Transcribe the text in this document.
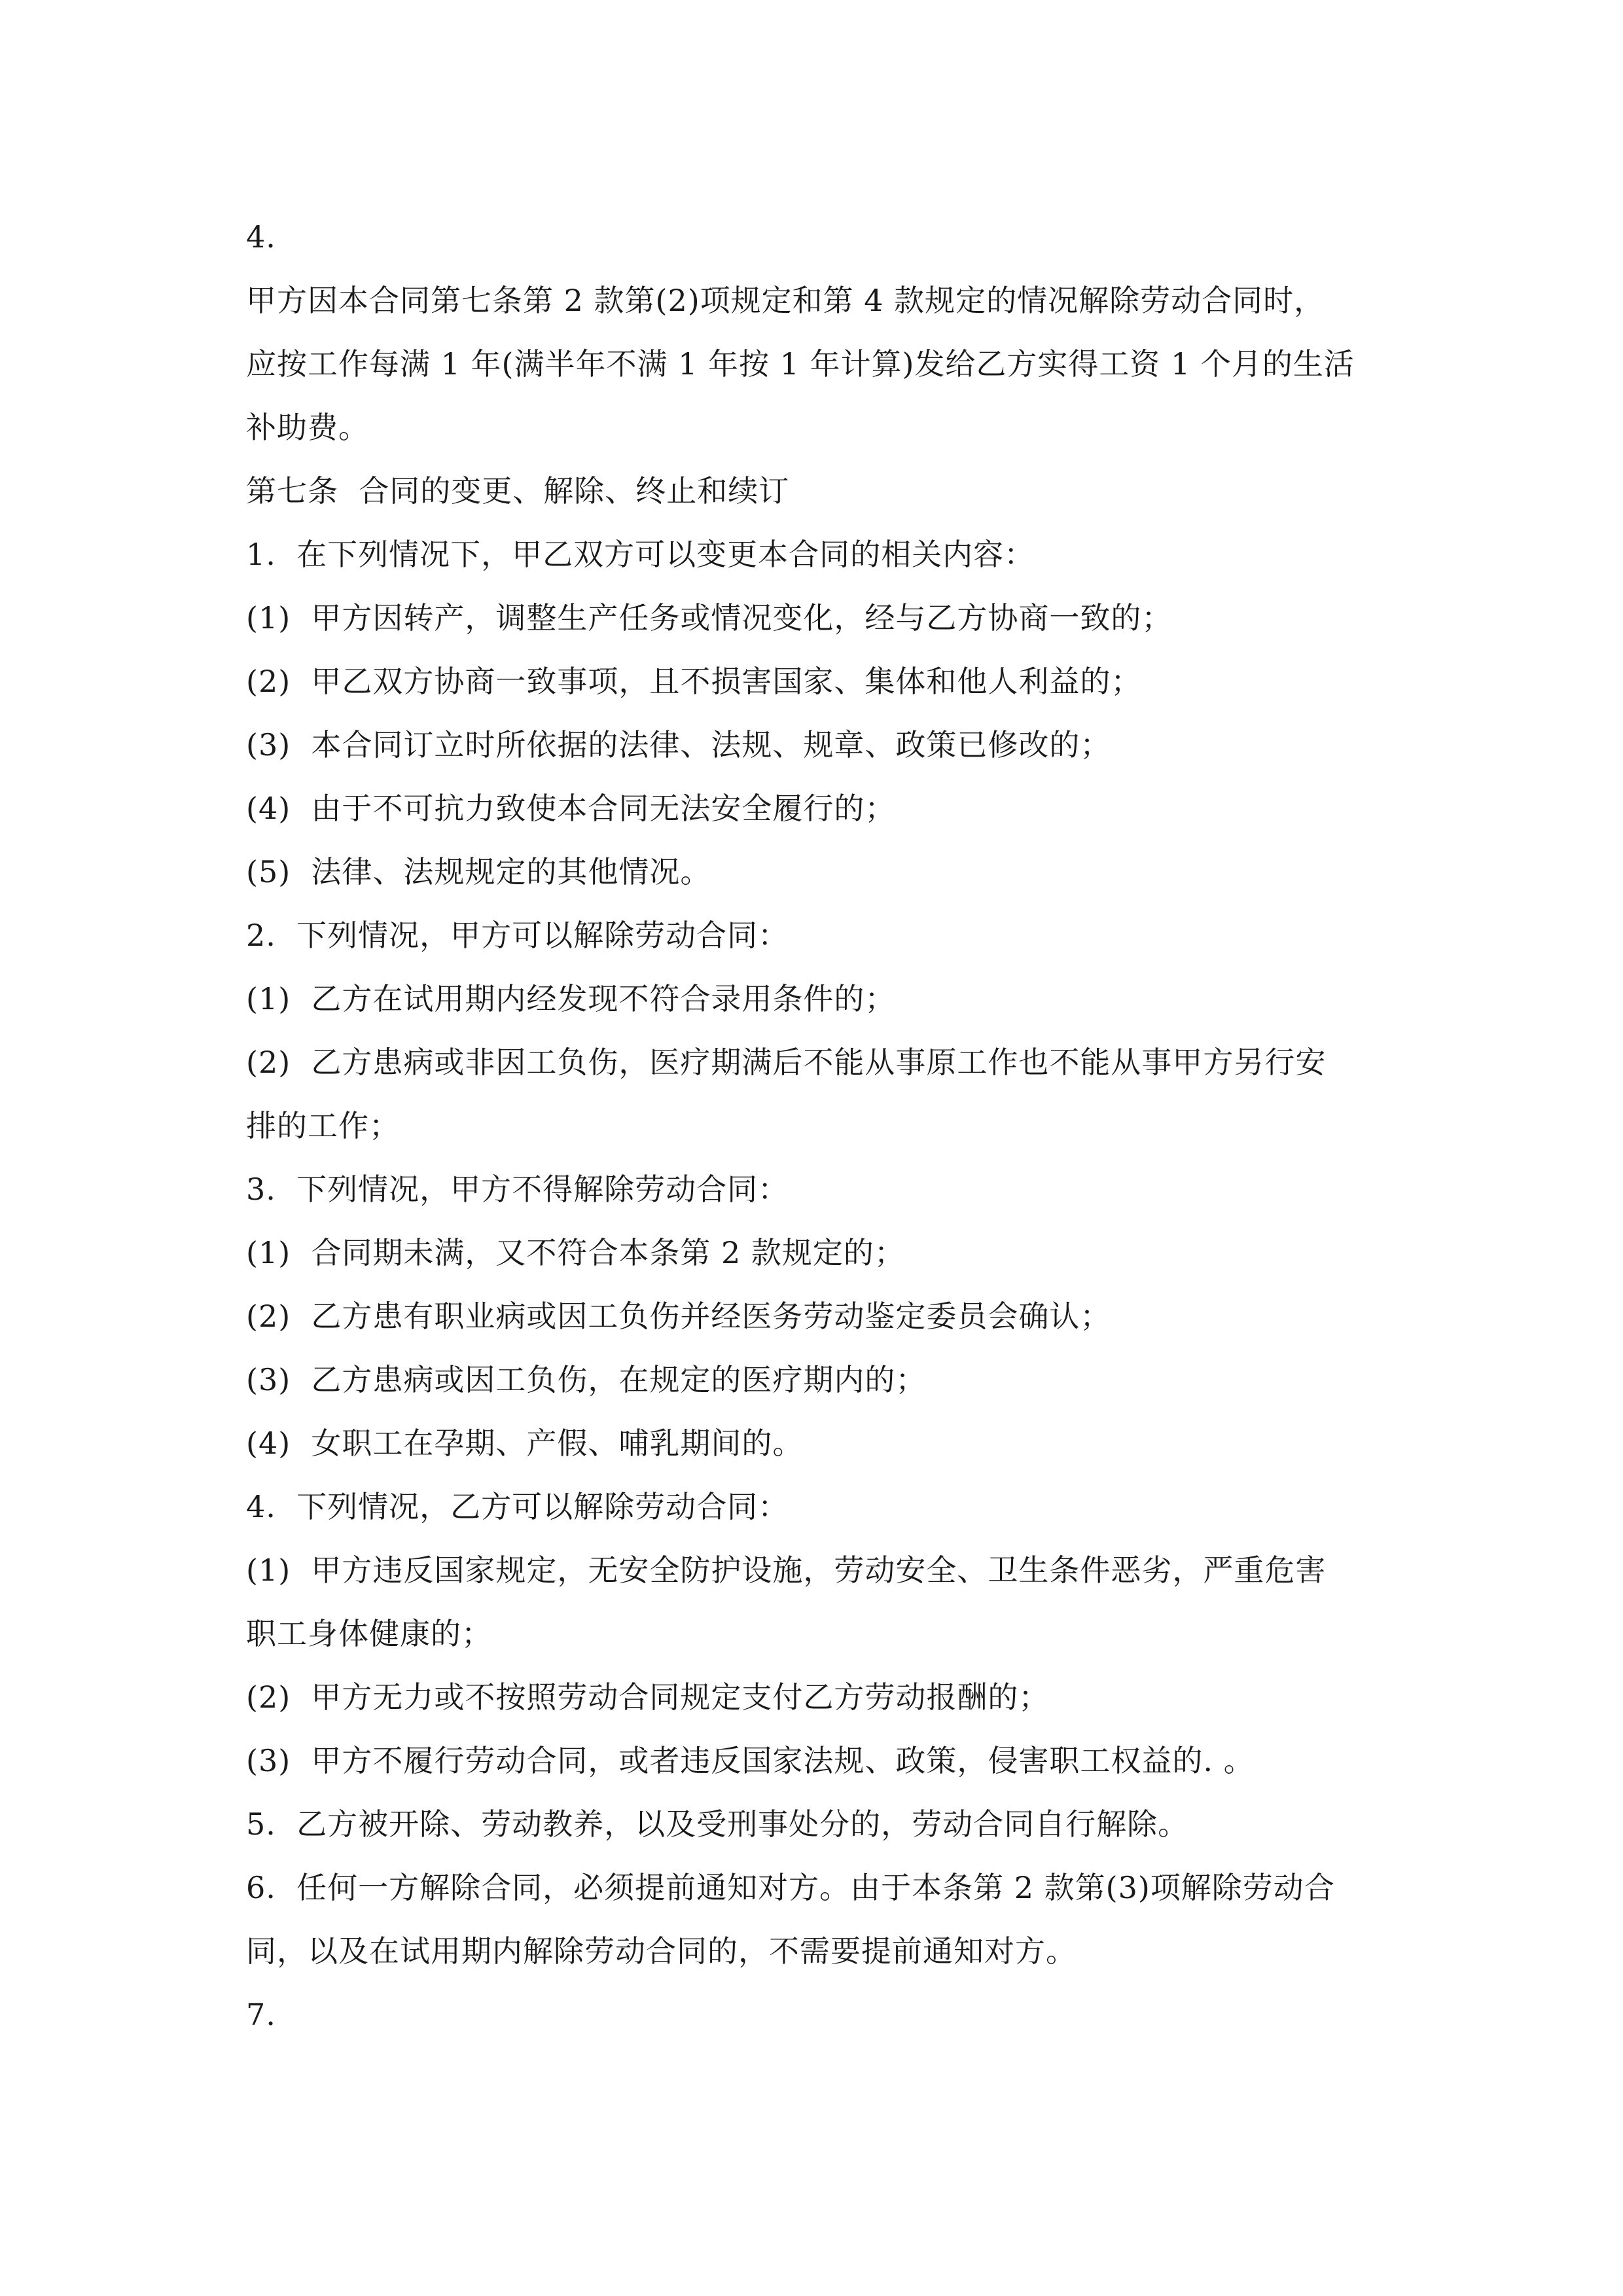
4.

甲方因本合同第七条第 2 款第(2)项规定和第 4 款规定的情况解除劳动合同时，

应按工作每满 1 年(满半年不满 1 年按 1 年计算)发给乙方实得工资 1 个月的生活

补助费。

第七条  合同的变更、解除、终止和续订

1.  在下列情况下，甲乙双方可以变更本合同的相关内容：

(1)  甲方因转产，调整生产任务或情况变化，经与乙方协商一致的；

(2)  甲乙双方协商一致事项，且不损害国家、集体和他人利益的；

(3)  本合同订立时所依据的法律、法规、规章、政策已修改的；

(4)  由于不可抗力致使本合同无法安全履行的；

(5)  法律、法规规定的其他情况。

2.  下列情况，甲方可以解除劳动合同：

(1)  乙方在试用期内经发现不符合录用条件的；

(2)  乙方患病或非因工负伤，医疗期满后不能从事原工作也不能从事甲方另行安

排的工作；

3.  下列情况，甲方不得解除劳动合同：

(1)  合同期未满，又不符合本条第 2 款规定的；

(2)  乙方患有职业病或因工负伤并经医务劳动鉴定委员会确认；

(3)  乙方患病或因工负伤，在规定的医疗期内的；

(4)  女职工在孕期、产假、哺乳期间的。

4.  下列情况，乙方可以解除劳动合同：

(1)  甲方违反国家规定，无安全防护设施，劳动安全、卫生条件恶劣，严重危害

职工身体健康的；

(2)  甲方无力或不按照劳动合同规定支付乙方劳动报酬的；

(3)  甲方不履行劳动合同，或者违反国家法规、政策，侵害职工权益的. 。

5.  乙方被开除、劳动教养，以及受刑事处分的，劳动合同自行解除。

6.  任何一方解除合同，必须提前通知对方。由于本条第 2 款第(3)项解除劳动合

同，以及在试用期内解除劳动合同的，不需要提前通知对方。

7.
